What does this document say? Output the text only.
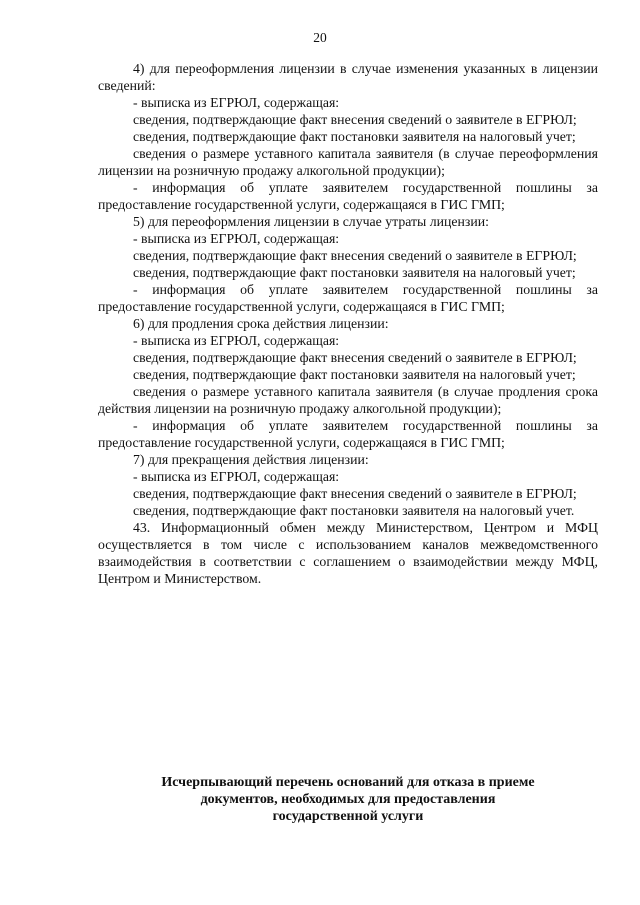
20

4) для переоформления лицензии в случае изменения указанных в лицензии сведений:

- выписка из ЕГРЮЛ, содержащая:

сведения, подтверждающие факт внесения сведений о заявителе в ЕГРЮЛ;

сведения, подтверждающие факт постановки заявителя на налоговый учет;

сведения о размере уставного капитала заявителя (в случае переоформления лицензии на розничную продажу алкогольной продукции);

- информация об уплате заявителем государственной пошлины за предоставление государственной услуги, содержащаяся в ГИС ГМП;

5) для переоформления лицензии в случае утраты лицензии:

- выписка из ЕГРЮЛ, содержащая:

сведения, подтверждающие факт внесения сведений о заявителе в ЕГРЮЛ;

сведения, подтверждающие факт постановки заявителя на налоговый учет;

- информация об уплате заявителем государственной пошлины за предоставление государственной услуги, содержащаяся в ГИС ГМП;

6) для продления срока действия лицензии:

- выписка из ЕГРЮЛ, содержащая:

сведения, подтверждающие факт внесения сведений о заявителе в ЕГРЮЛ;

сведения, подтверждающие факт постановки заявителя на налоговый учет;

сведения о размере уставного капитала заявителя (в случае продления срока действия лицензии на розничную продажу алкогольной продукции);

- информация об уплате заявителем государственной пошлины за предоставление государственной услуги, содержащаяся в ГИС ГМП;

7) для прекращения действия лицензии:

- выписка из ЕГРЮЛ, содержащая:

сведения, подтверждающие факт внесения сведений о заявителе в ЕГРЮЛ;

сведения, подтверждающие факт постановки заявителя на налоговый учет.

43. Информационный обмен между Министерством, Центром и МФЦ осуществляется в том числе с использованием каналов межведомственного взаимодействия в соответствии с соглашением о взаимодействии между МФЦ, Центром и Министерством.

Исчерпывающий перечень оснований для отказа в приеме
документов, необходимых для предоставления
государственной услуги
